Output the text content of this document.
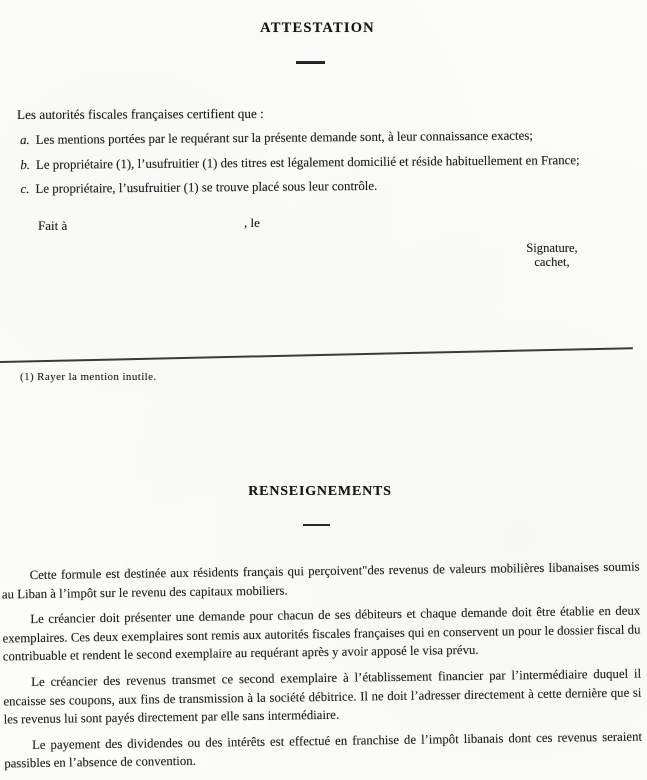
ATTESTATION
Les autorités fiscales françaises certifient que :
a. Les mentions portées par le requérant sur la présente demande sont, à leur connaissance exactes;
b. Le propriétaire (1), l’usufruitier (1) des titres est légalement domicilié et réside habituellement en France;
c. Le propriétaire, l’usufruitier (1) se trouve placé sous leur contrôle.
Fait à	, le
Signature,
cachet,
(1) Rayer la mention inutile.
RENSEIGNEMENTS

Cette formule est destinée aux résidents français qui perçoivent"des revenus de valeurs mobilières libanaises soumis au Liban à l’impôt sur le revenu des capitaux mobiliers.

Le créancier doit présenter une demande pour chacun de ses débiteurs et chaque demande doit être établie en deux exemplaires. Ces deux exemplaires sont remis aux autorités fiscales françaises qui en conservent un pour le dossier fiscal du contribuable et rendent le second exemplaire au requérant après y avoir apposé le visa prévu.

Le créancier des revenus transmet ce second exemplaire à l’établissement financier par l’intermédiaire duquel il encaisse ses coupons, aux fins de transmission à la société débitrice. Il ne doit l’adresser directement à cette dernière que si les revenus lui sont payés directement par elle sans intermédiaire.

Le payement des dividendes ou des intérêts est effectué en franchise de l’impôt libanais dont ces revenus seraient passibles en l’absence de convention.
